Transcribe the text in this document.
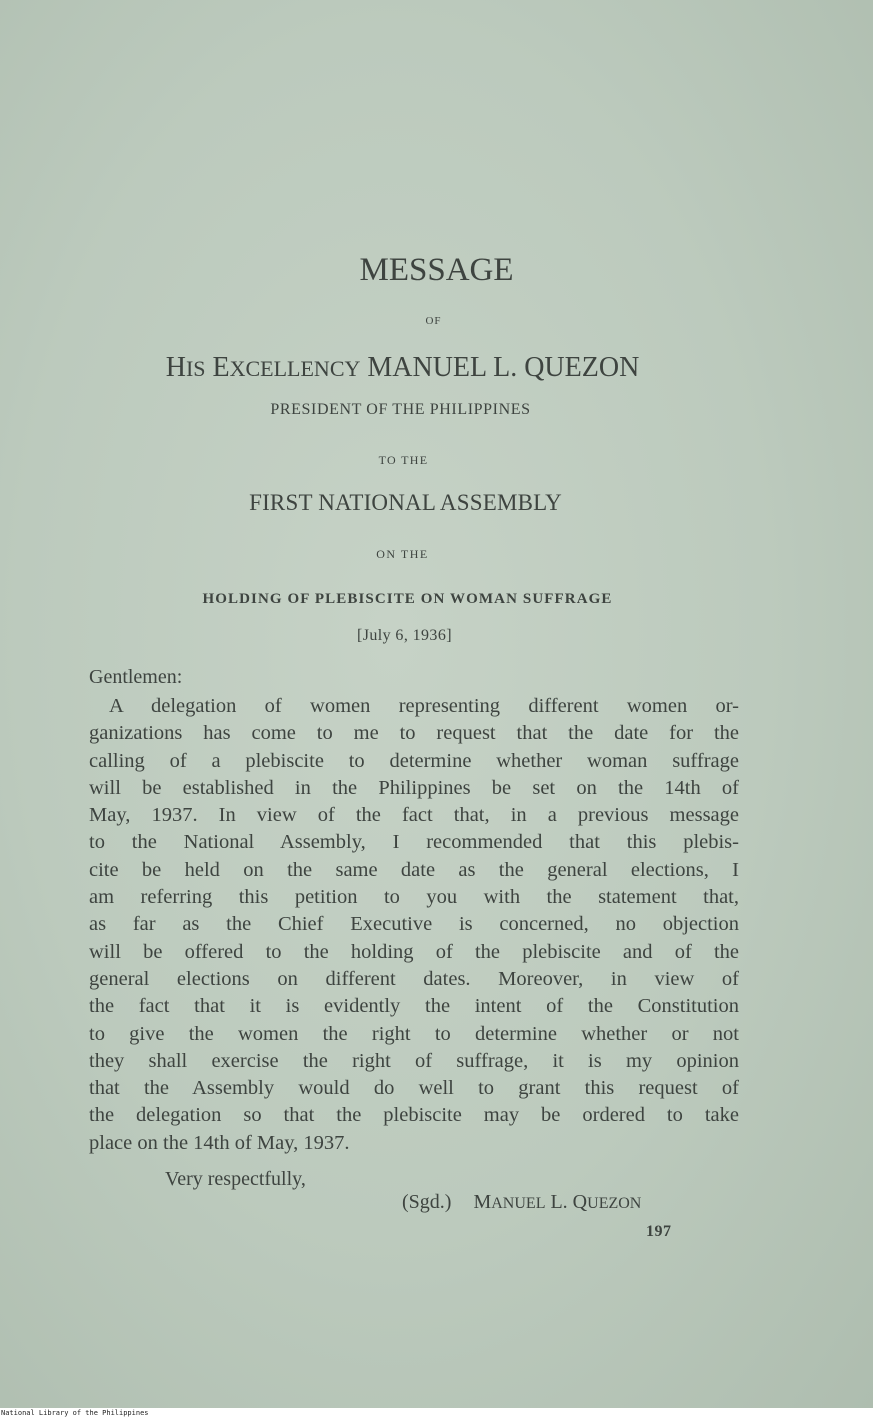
MESSAGE

OF

HIS EXCELLENCY MANUEL L. QUEZON

PRESIDENT OF THE PHILIPPINES

TO THE

FIRST NATIONAL ASSEMBLY

ON THE

HOLDING OF PLEBISCITE ON WOMAN SUFFRAGE

[July 6, 1936]

Gentlemen:

A delegation of women representing different women or-
ganizations has come to me to request that the date for the
calling of a plebiscite to determine whether woman suffrage
will be established in the Philippines be set on the 14th of
May, 1937. In view of the fact that, in a previous message
to the National Assembly, I recommended that this plebis-
cite be held on the same date as the general elections, I
am referring this petition to you with the statement that,
as far as the Chief Executive is concerned, no objection
will be offered to the holding of the plebiscite and of the
general elections on different dates. Moreover, in view of
the fact that it is evidently the intent of the Constitution
to give the women the right to determine whether or not
they shall exercise the right of suffrage, it is my opinion
that the Assembly would do well to grant this request of
the delegation so that the plebiscite may be ordered to take
place on the 14th of May, 1937.

Very respectfully,

(Sgd.) MANUEL L. QUEZON

197

National Library of the Philippines
